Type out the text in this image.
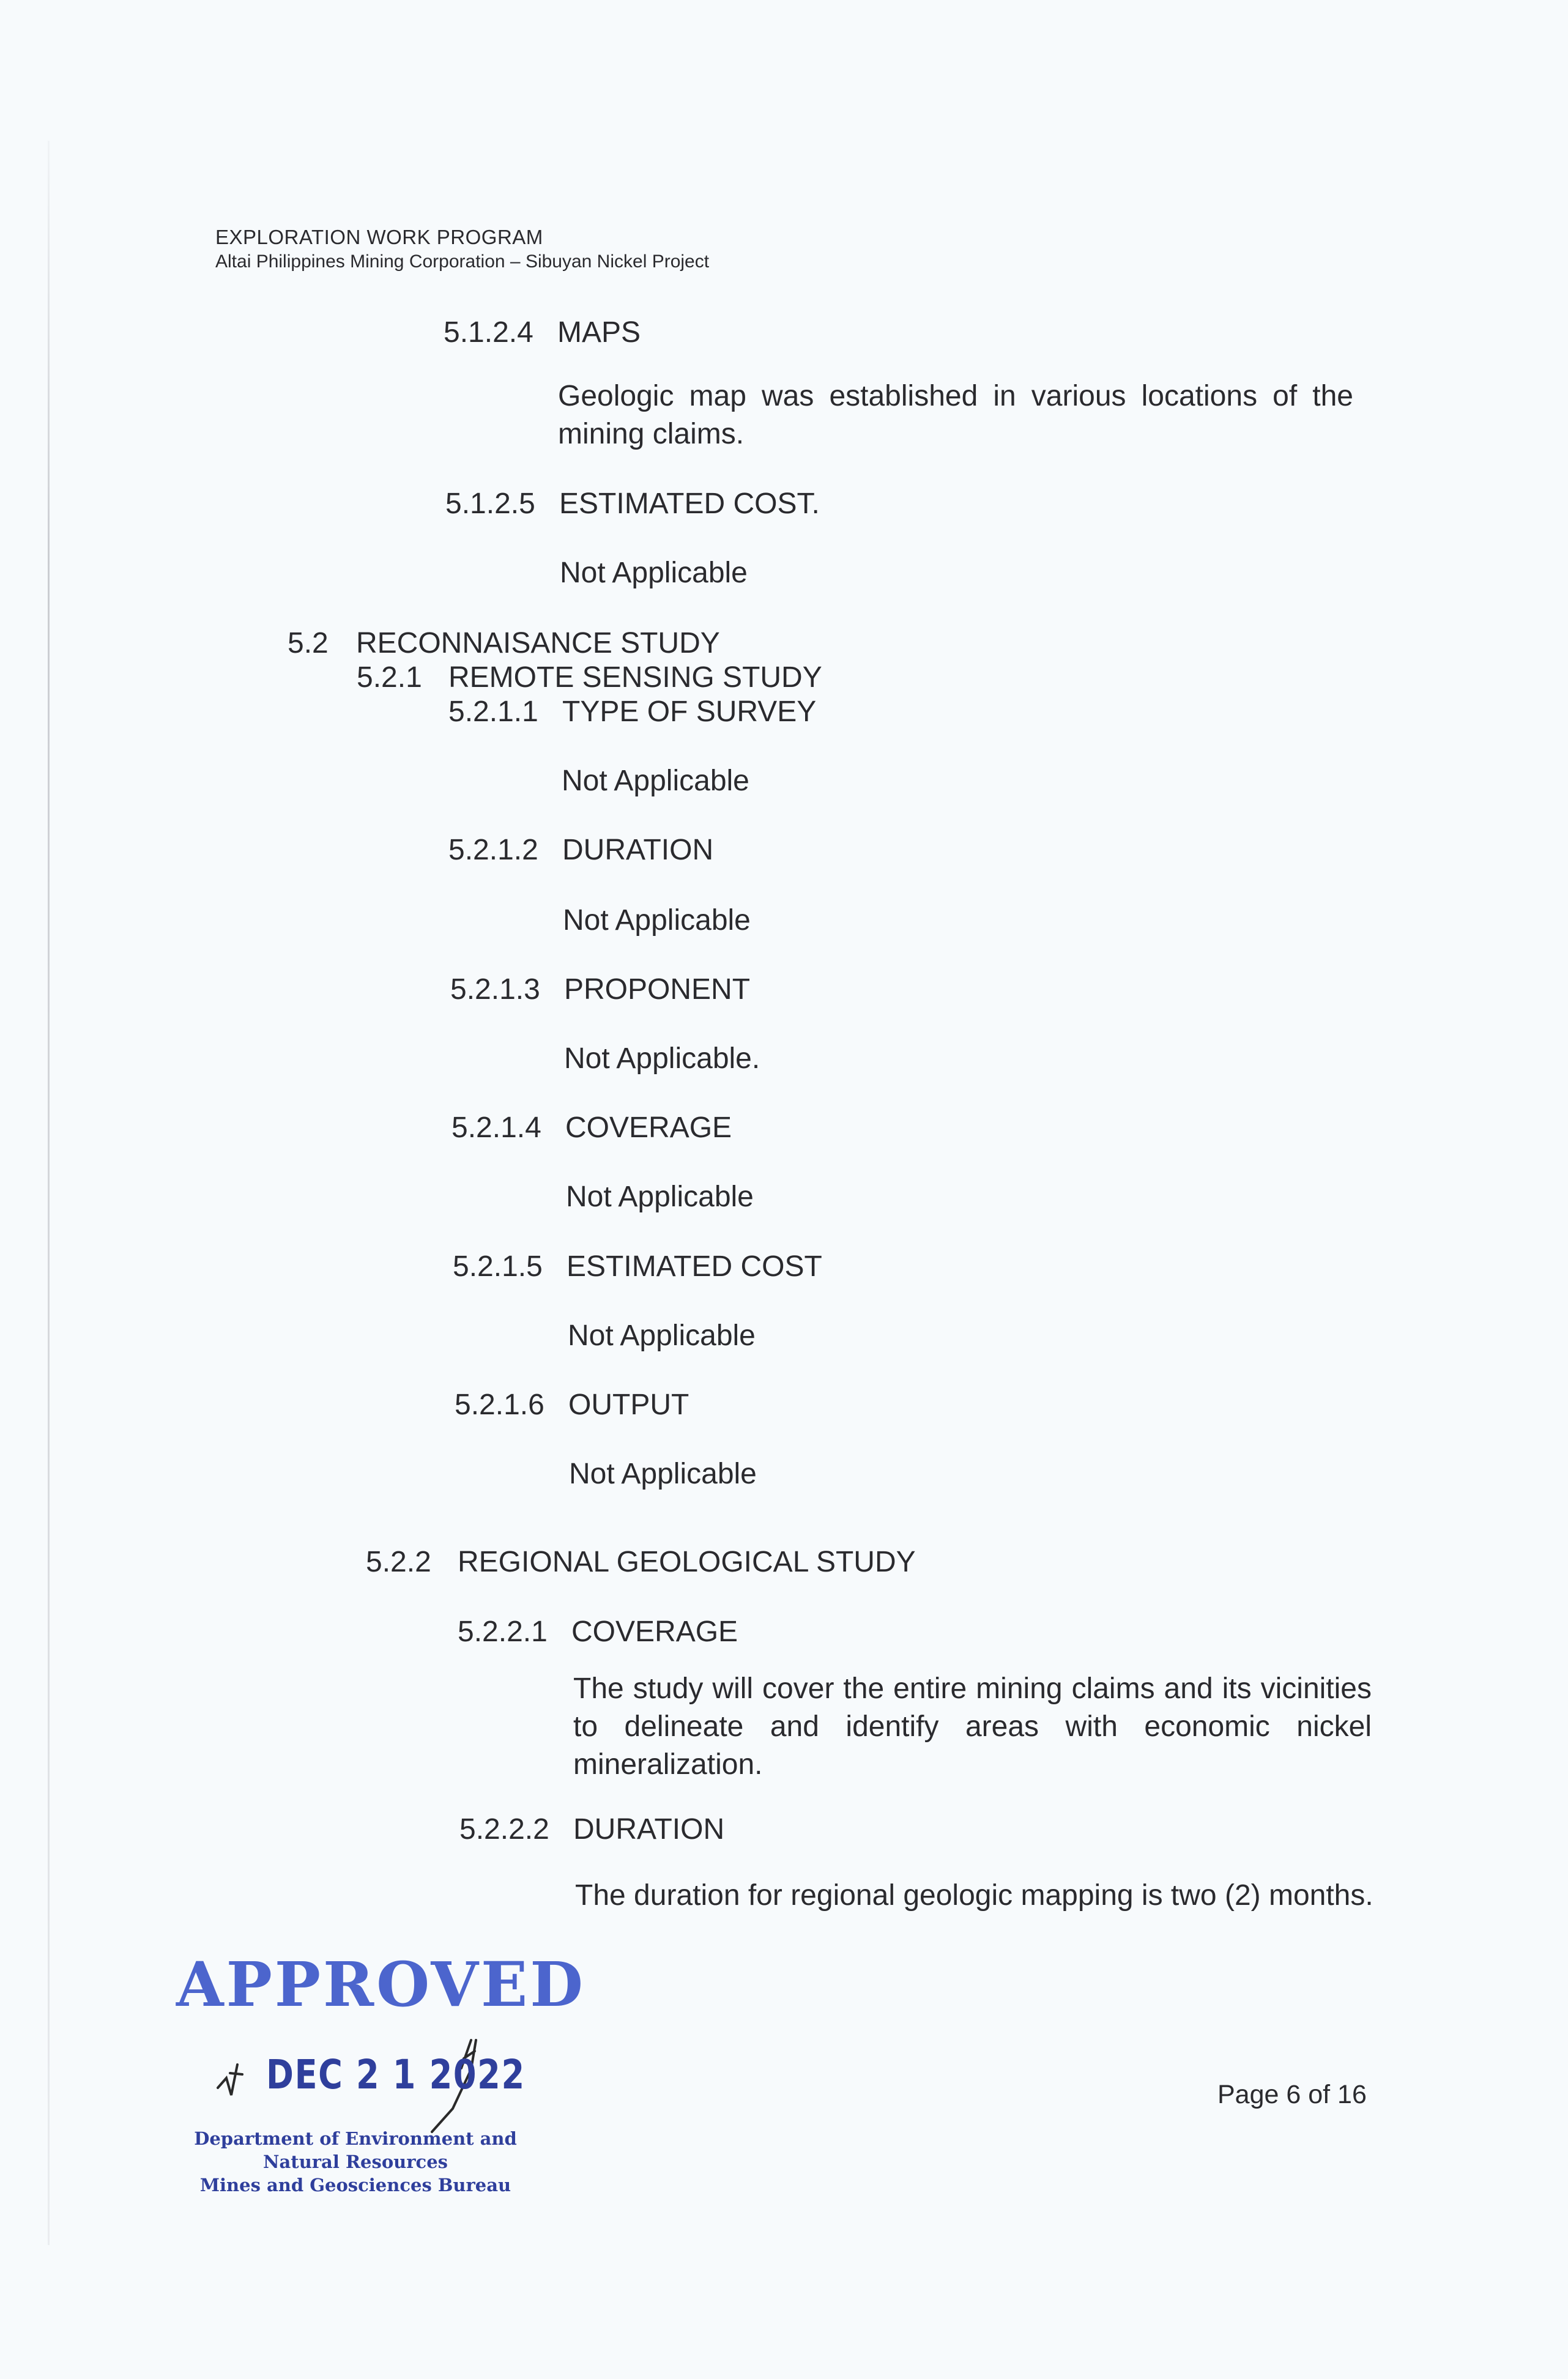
EXPLORATION WORK PROGRAM
Altai Philippines Mining Corporation – Sibuyan Nickel Project
5.1.2.4 MAPS
Geologic map was established in various locations of the mining claims.
5.1.2.5 ESTIMATED COST.
Not Applicable
5.2 RECONNAISANCE STUDY
5.2.1 REMOTE SENSING STUDY
5.2.1.1 TYPE OF SURVEY
Not Applicable
5.2.1.2 DURATION
Not Applicable
5.2.1.3 PROPONENT
Not Applicable.
5.2.1.4 COVERAGE
Not Applicable
5.2.1.5 ESTIMATED COST
Not Applicable
5.2.1.6 OUTPUT
Not Applicable
5.2.2 REGIONAL GEOLOGICAL STUDY
5.2.2.1 COVERAGE
The study will cover the entire mining claims and its vicinities to delineate and identify areas with economic nickel mineralization.
5.2.2.2 DURATION
The duration for regional geologic mapping is two (2) months.
APPROVED
DEC 2 1 2022
Department of Environment and Natural Resources
Mines and Geosciences Bureau
Page 6 of 16
